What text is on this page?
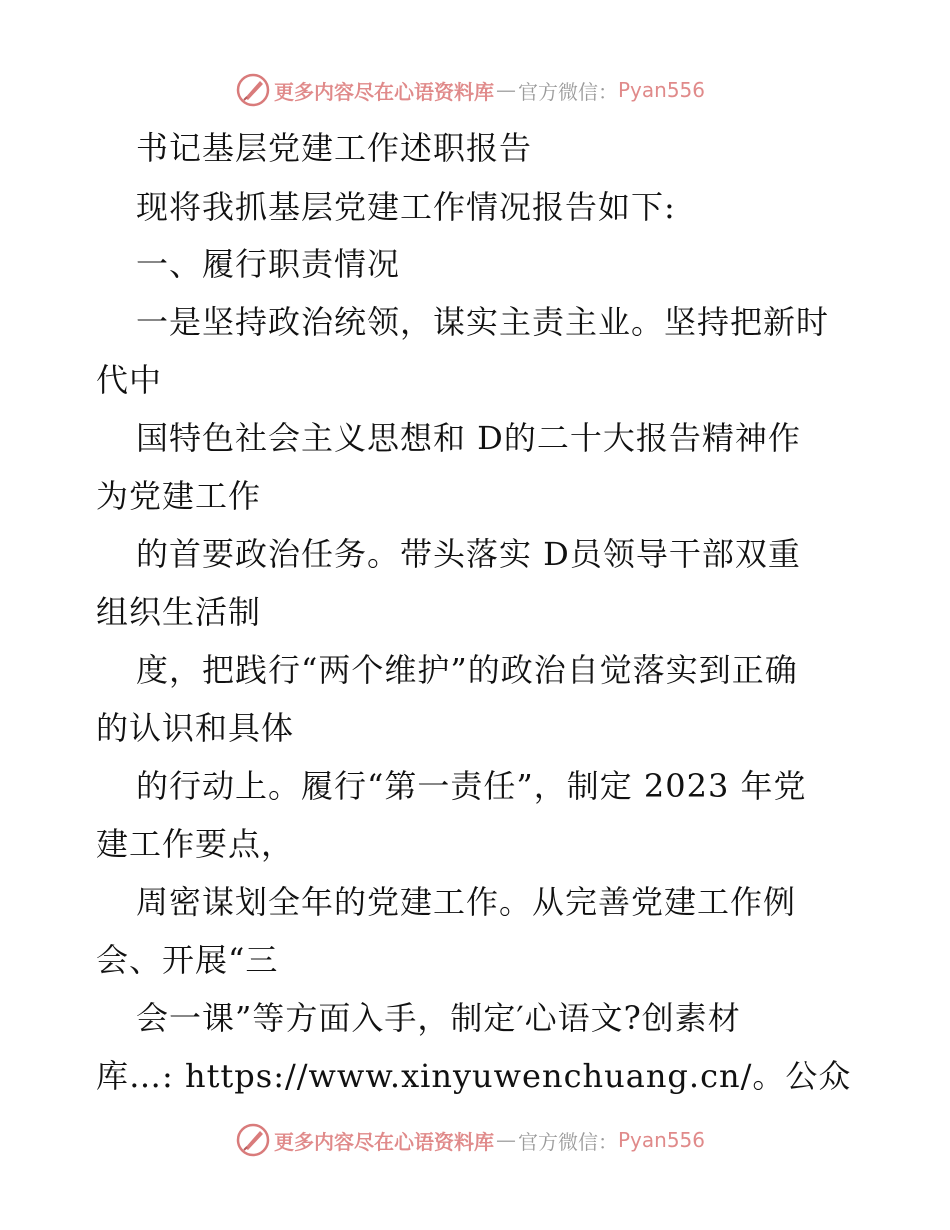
更多内容尽在心语资料库 — 官方微信： Pyan556
书记基层党建工作述职报告
现将我抓基层党建工作情况报告如下:
一、履行职责情况
一是坚持政治统领，谋实主责主业。坚持把新时
代中
国特色社会主义思想和 D的二十大报告精神作
为党建工作
的首要政治任务。带头落实 D员领导干部双重
组织生活制
度，把践行“两个维护”的政治自觉落实到正确
的认识和具体
的行动上。履行“第一责任”，制定 2023 年党
建工作要点，
周密谋划全年的党建工作。从完善党建工作例
会、开展“三
会一课”等方面入手，制定′心语文?创素材
库…: https://www.xinyuwenchuang.cn/。公众
更多内容尽在心语资料库 — 官方微信： Pyan556
